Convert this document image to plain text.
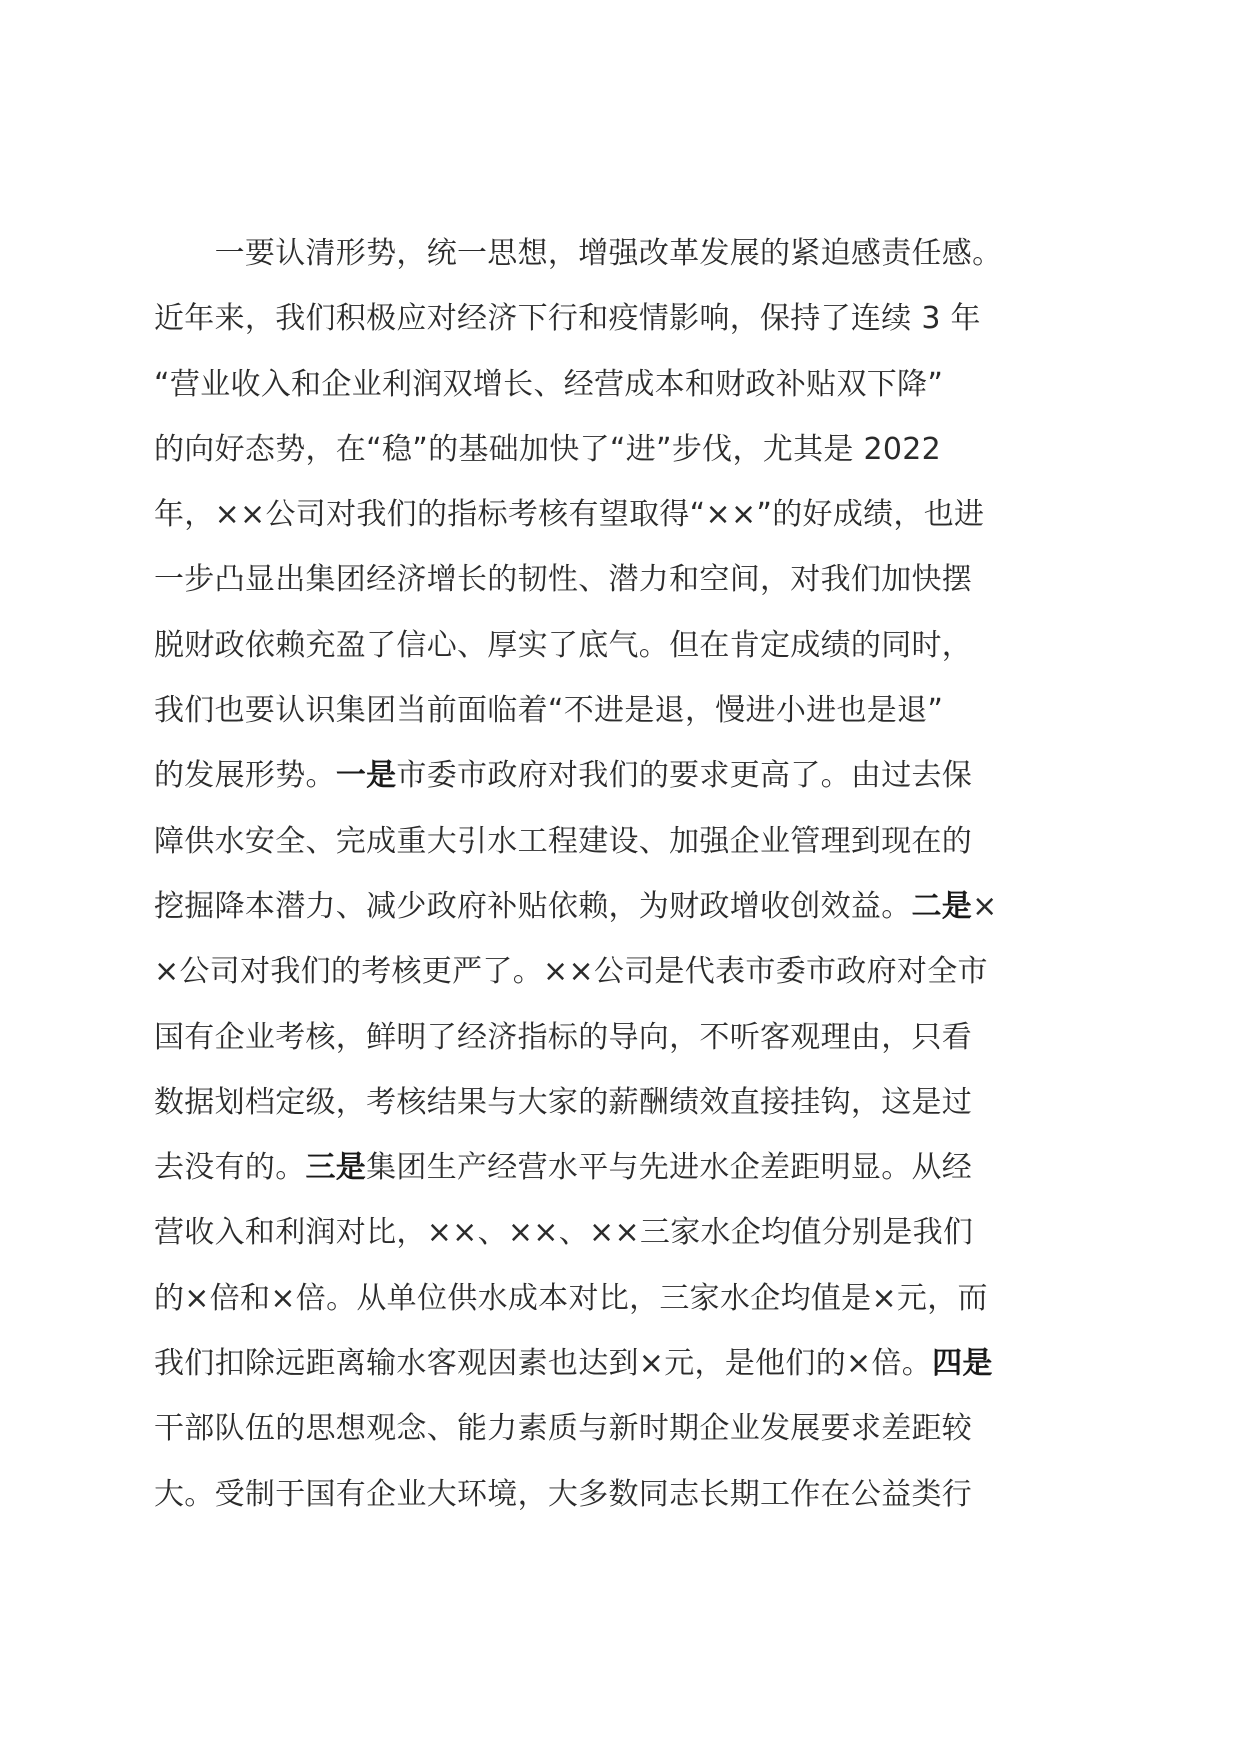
　　一要认清形势，统一思想，增强改革发展的紧迫感责任感。
近年来，我们积极应对经济下行和疫情影响，保持了连续 3 年
“营业收入和企业利润双增长、经营成本和财政补贴双下降”
的向好态势，在“稳”的基础加快了“进”步伐，尤其是 2022
年，××公司对我们的指标考核有望取得“××”的好成绩，也进
一步凸显出集团经济增长的韧性、潜力和空间，对我们加快摆
脱财政依赖充盈了信心、厚实了底气。但在肯定成绩的同时，
我们也要认识集团当前面临着“不进是退，慢进小进也是退”
的发展形势。一是市委市政府对我们的要求更高了。由过去保
障供水安全、完成重大引水工程建设、加强企业管理到现在的
挖掘降本潜力、减少政府补贴依赖，为财政增收创效益。二是×
×公司对我们的考核更严了。××公司是代表市委市政府对全市
国有企业考核，鲜明了经济指标的导向，不听客观理由，只看
数据划档定级，考核结果与大家的薪酬绩效直接挂钩，这是过
去没有的。三是集团生产经营水平与先进水企差距明显。从经
营收入和利润对比，××、××、××三家水企均值分别是我们
的×倍和×倍。从单位供水成本对比，三家水企均值是×元，而
我们扣除远距离输水客观因素也达到×元，是他们的×倍。四是
干部队伍的思想观念、能力素质与新时期企业发展要求差距较
大。受制于国有企业大环境，大多数同志长期工作在公益类行
